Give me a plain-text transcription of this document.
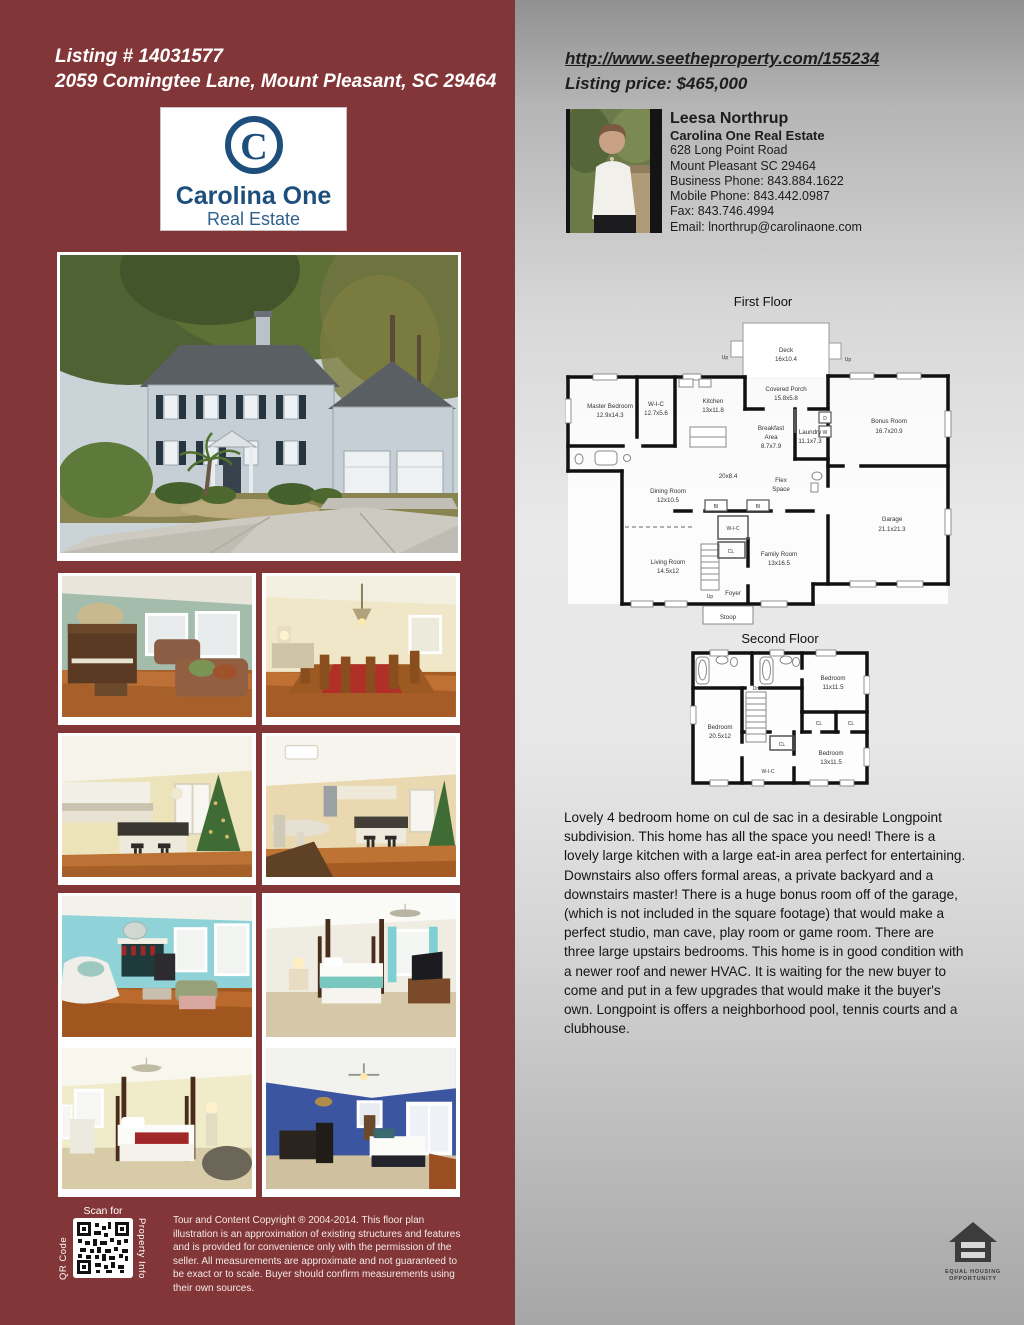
Listing # 14031577
2059 Comingtee Lane, Mount Pleasant, SC 29464
C
Carolina One
Real Estate
Scan for
QR Code	Property Info	Tour and Content Copyright ® 2004-2014. This floor plan illustration is an approximation of existing structures and features and is provided for convenience only with the permission of the seller. All measurements are approximate and not guaranteed to be exact or to scale. Buyer should confirm measurements using their own sources.
http://www.seetheproperty.com/155234
Listing price: $465,000
Leesa Northrup
Carolina One Real Estate
628 Long Point Road
Mount Pleasant SC 29464
Business Phone: 843.884.1622
Mobile Phone: 843.442.0987
Fax: 843.746.4994
Email: lnorthrup@carolinaone.com
First Floor
Up	Up
Deck
16x10.4
D
W
BI	BI
Covered Porch
15.8x5.8
Master Bedroom
12.9x14.3
W-I-C
12.7x5.6
Kitchen
13x11.8
Breakfast
Area
8.7x7.9
Laundry
11.1x7.3
Bonus Room
16.7x20.9
20x8.4
Flex
Space
Dining Room
12x10.5
W-I-C
CL
Living Room
14.5x12
Family Room
13x16.5
Garage
21.1x21.3
Up Foyer
Stoop
Second Floor
Dn
Bedroom
11x11.5
Bedroom
20.5x12
Bedroom
13x11.5
CL	CL
CL
W-I-C
Lovely 4 bedroom home on cul de sac in a desirable Longpoint subdivision. This home has all the space you need! There is a lovely large kitchen with a large eat-in area perfect for entertaining. Downstairs also offers formal areas, a private backyard and a downstairs master! There is a huge bonus room off of the garage, (which is not included in the square footage) that would make a perfect studio, man cave, play room or game room. There are three large upstairs bedrooms. This home is in good condition with a newer roof and newer HVAC. It is waiting for the new buyer to come and put in a few upgrades that would make it the buyer's own. Longpoint is offers a neighborhood pool, tennis courts and a clubhouse.
EQUAL HOUSING
OPPORTUNITY
